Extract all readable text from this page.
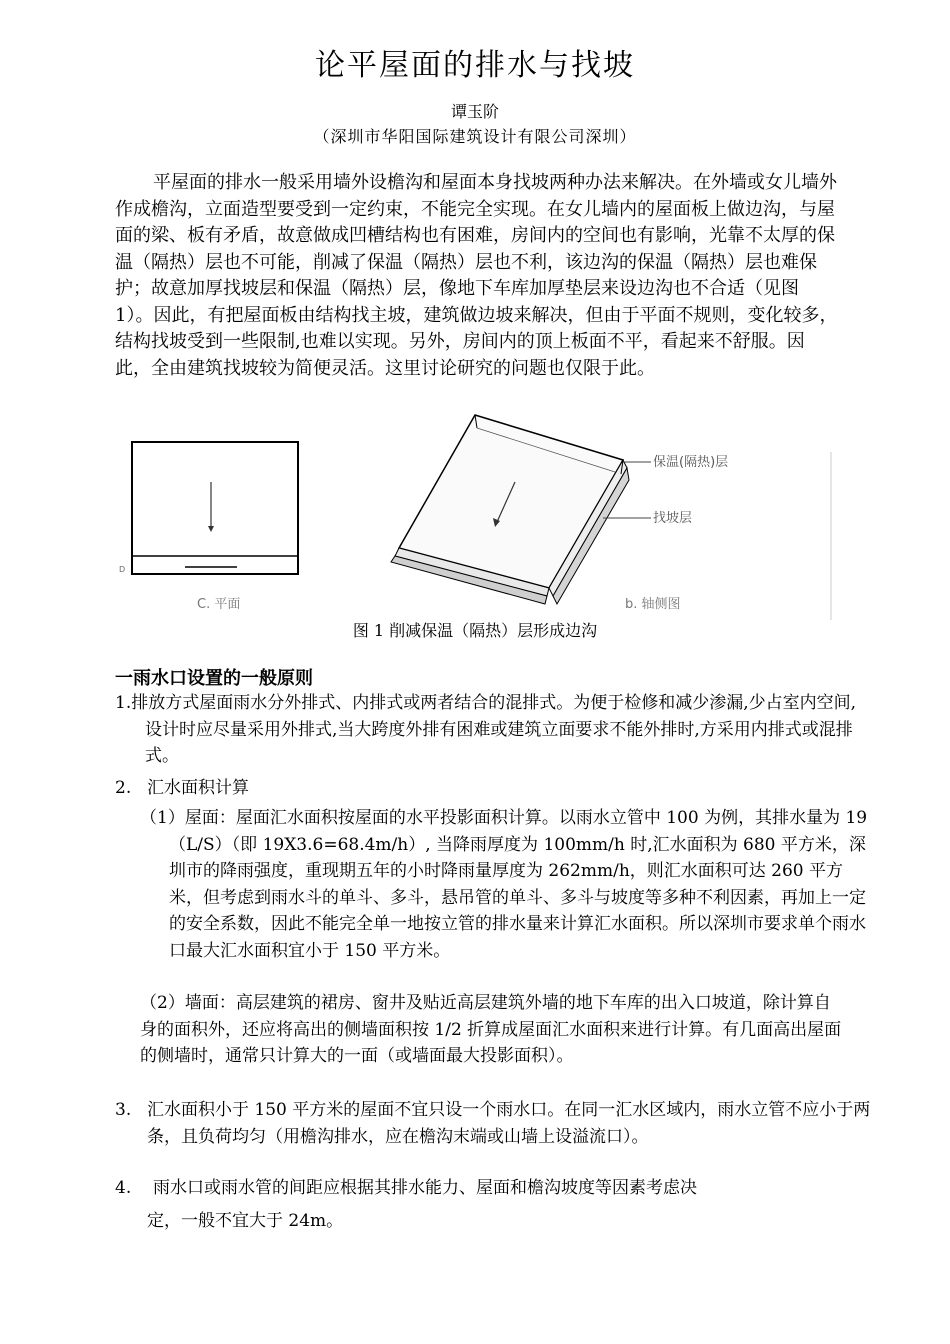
论平屋面的排水与找坡
谭玉阶
（深圳市华阳国际建筑设计有限公司深圳）
平屋面的排水一般采用墙外设檐沟和屋面本身找坡两种办法来解决。在外墙或女儿墙外作成檐沟，立面造型要受到一定约束，不能完全实现。在女儿墙内的屋面板上做边沟，与屋面的梁、板有矛盾，故意做成凹槽结构也有困难，房间内的空间也有影响，光靠不太厚的保温（隔热）层也不可能，削减了保温（隔热）层也不利，该边沟的保温（隔热）层也难保护；故意加厚找坡层和保温（隔热）层，像地下车库加厚垫层来设边沟也不合适（见图 1）。因此，有把屋面板由结构找主坡，建筑做边坡来解决，但由于平面不规则，变化较多，结构找坡受到一些限制,也难以实现。另外，房间内的顶上板面不平，看起来不舒服。因此，全由建筑找坡较为简便灵活。这里讨论研究的问题也仅限于此。
D
C. 平面
保温(隔热)层
找坡层
b. 轴侧图
图 1 削减保温（隔热）层形成边沟
一雨水口设置的一般原则
1.排放方式屋面雨水分外排式、内排式或两者结合的混排式。为便于检修和减少渗漏,少占室内空间,设计时应尽量采用外排式,当大跨度外排有困难或建筑立面要求不能外排时,方采用内排式或混排式。
2. 汇水面积计算
（1）屋面：屋面汇水面积按屋面的水平投影面积计算。以雨水立管中 100 为例，其排水量为 19（L/S）（即 19X3.6=68.4m/h）, 当降雨厚度为 100mm/h 时,汇水面积为 680 平方米，深圳市的降雨强度，重现期五年的小时降雨量厚度为 262mm/h，则汇水面积可达 260 平方米，但考虑到雨水斗的单斗、多斗，悬吊管的单斗、多斗与坡度等多种不利因素，再加上一定的安全系数，因此不能完全单一地按立管的排水量来计算汇水面积。所以深圳市要求单个雨水口最大汇水面积宜小于 150 平方米。
（2）墙面：高层建筑的裙房、窗井及贴近高层建筑外墙的地下车库的出入口坡道，除计算自身的面积外，还应将高出的侧墙面积按 1/2 折算成屋面汇水面积来进行计算。有几面高出屋面的侧墙时，通常只计算大的一面（或墙面最大投影面积）。
3. 汇水面积小于 150 平方米的屋面不宜只设一个雨水口。在同一汇水区域内，雨水立管不应小于两条，且负荷均匀（用檐沟排水，应在檐沟末端或山墙上设溢流口）。
4. 雨水口或雨水管的间距应根据其排水能力、屋面和檐沟坡度等因素考虑决
定，一般不宜大于 24m。
